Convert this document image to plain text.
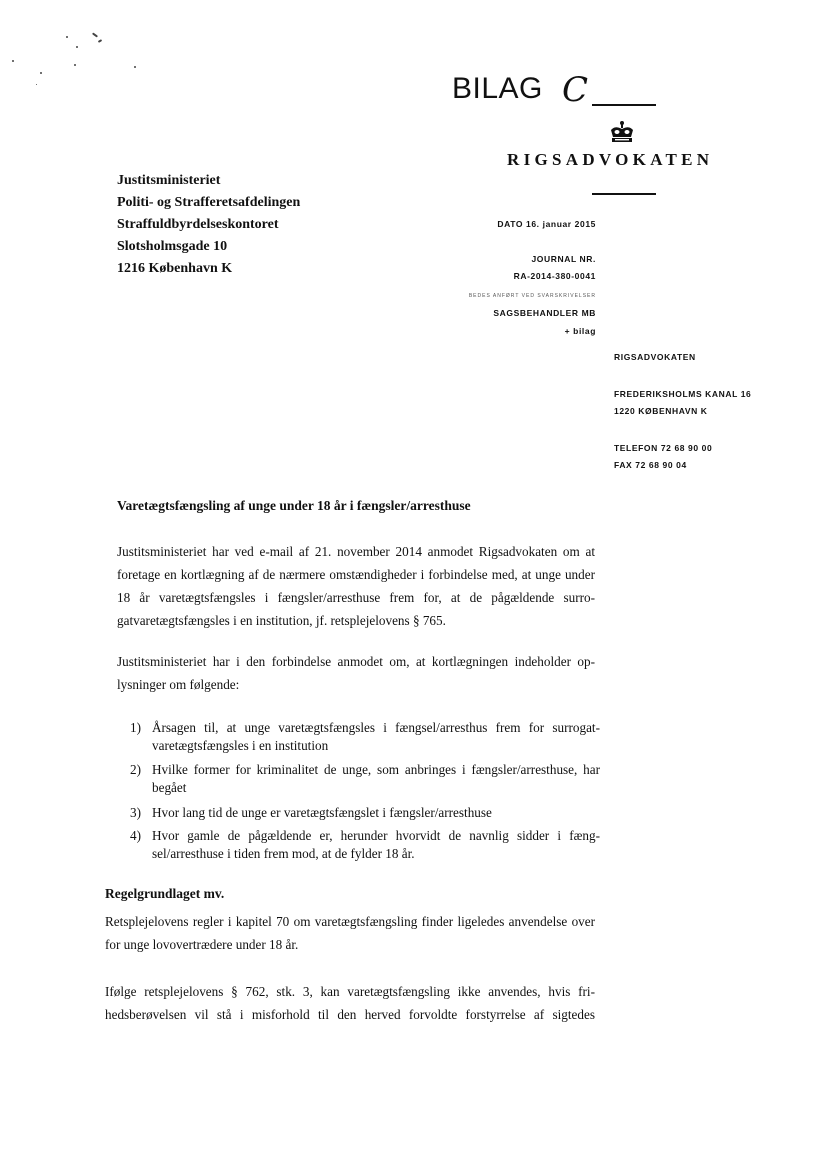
BILAG C
RIGSADVOKATEN
Justitsministeriet
Politi- og Strafferetsafdelingen
Straffuldbyrdelseskontoret
Slotsholmsgade 10
1216 København K
DATO 16. januar 2015
JOURNAL NR.
RA-2014-380-0041
BEDES ANFØRT VED SVARSKRIVELSER
SAGSBEHANDLER MB
+ bilag
RIGSADVOKATEN
FREDERIKSHOLMS KANAL 16
1220 KØBENHAVN K
TELEFON 72 68 90 00
FAX 72 68 90 04
Varetægtsfængsling af unge under 18 år i fængsler/arresthuse
Justitsministeriet har ved e-mail af 21. november 2014 anmodet Rigsadvokaten om at foretage en kortlægning af de nærmere omstændigheder i forbindelse med, at unge under 18 år varetægtsfængsles i fængsler/arresthuse frem for, at de pågældende surro-gatvaretægtsfængsles i en institution, jf. retsplejelovens § 765.
Justitsministeriet har i den forbindelse anmodet om, at kortlægningen indeholder op-lysninger om følgende:
1) Årsagen til, at unge varetægtsfængsles i fængsel/arresthus frem for surrogat-varetægtsfængsles i en institution
2) Hvilke former for kriminalitet de unge, som anbringes i fængsler/arresthuse, har begået
3) Hvor lang tid de unge er varetægtsfængslet i fængsler/arresthuse
4) Hvor gamle de pågældende er, herunder hvorvidt de navnlig sidder i fæng-sel/arresthuse i tiden frem mod, at de fylder 18 år.
Regelgrundlaget mv.
Retsplejelovens regler i kapitel 70 om varetægtsfængsling finder ligeledes anvendelse over for unge lovovertrædere under 18 år.
Ifølge retsplejelovens § 762, stk. 3, kan varetægtsfængsling ikke anvendes, hvis fri-hedsberøvelsen vil stå i misforhold til den herved forvoldte forstyrrelse af sigtedes
